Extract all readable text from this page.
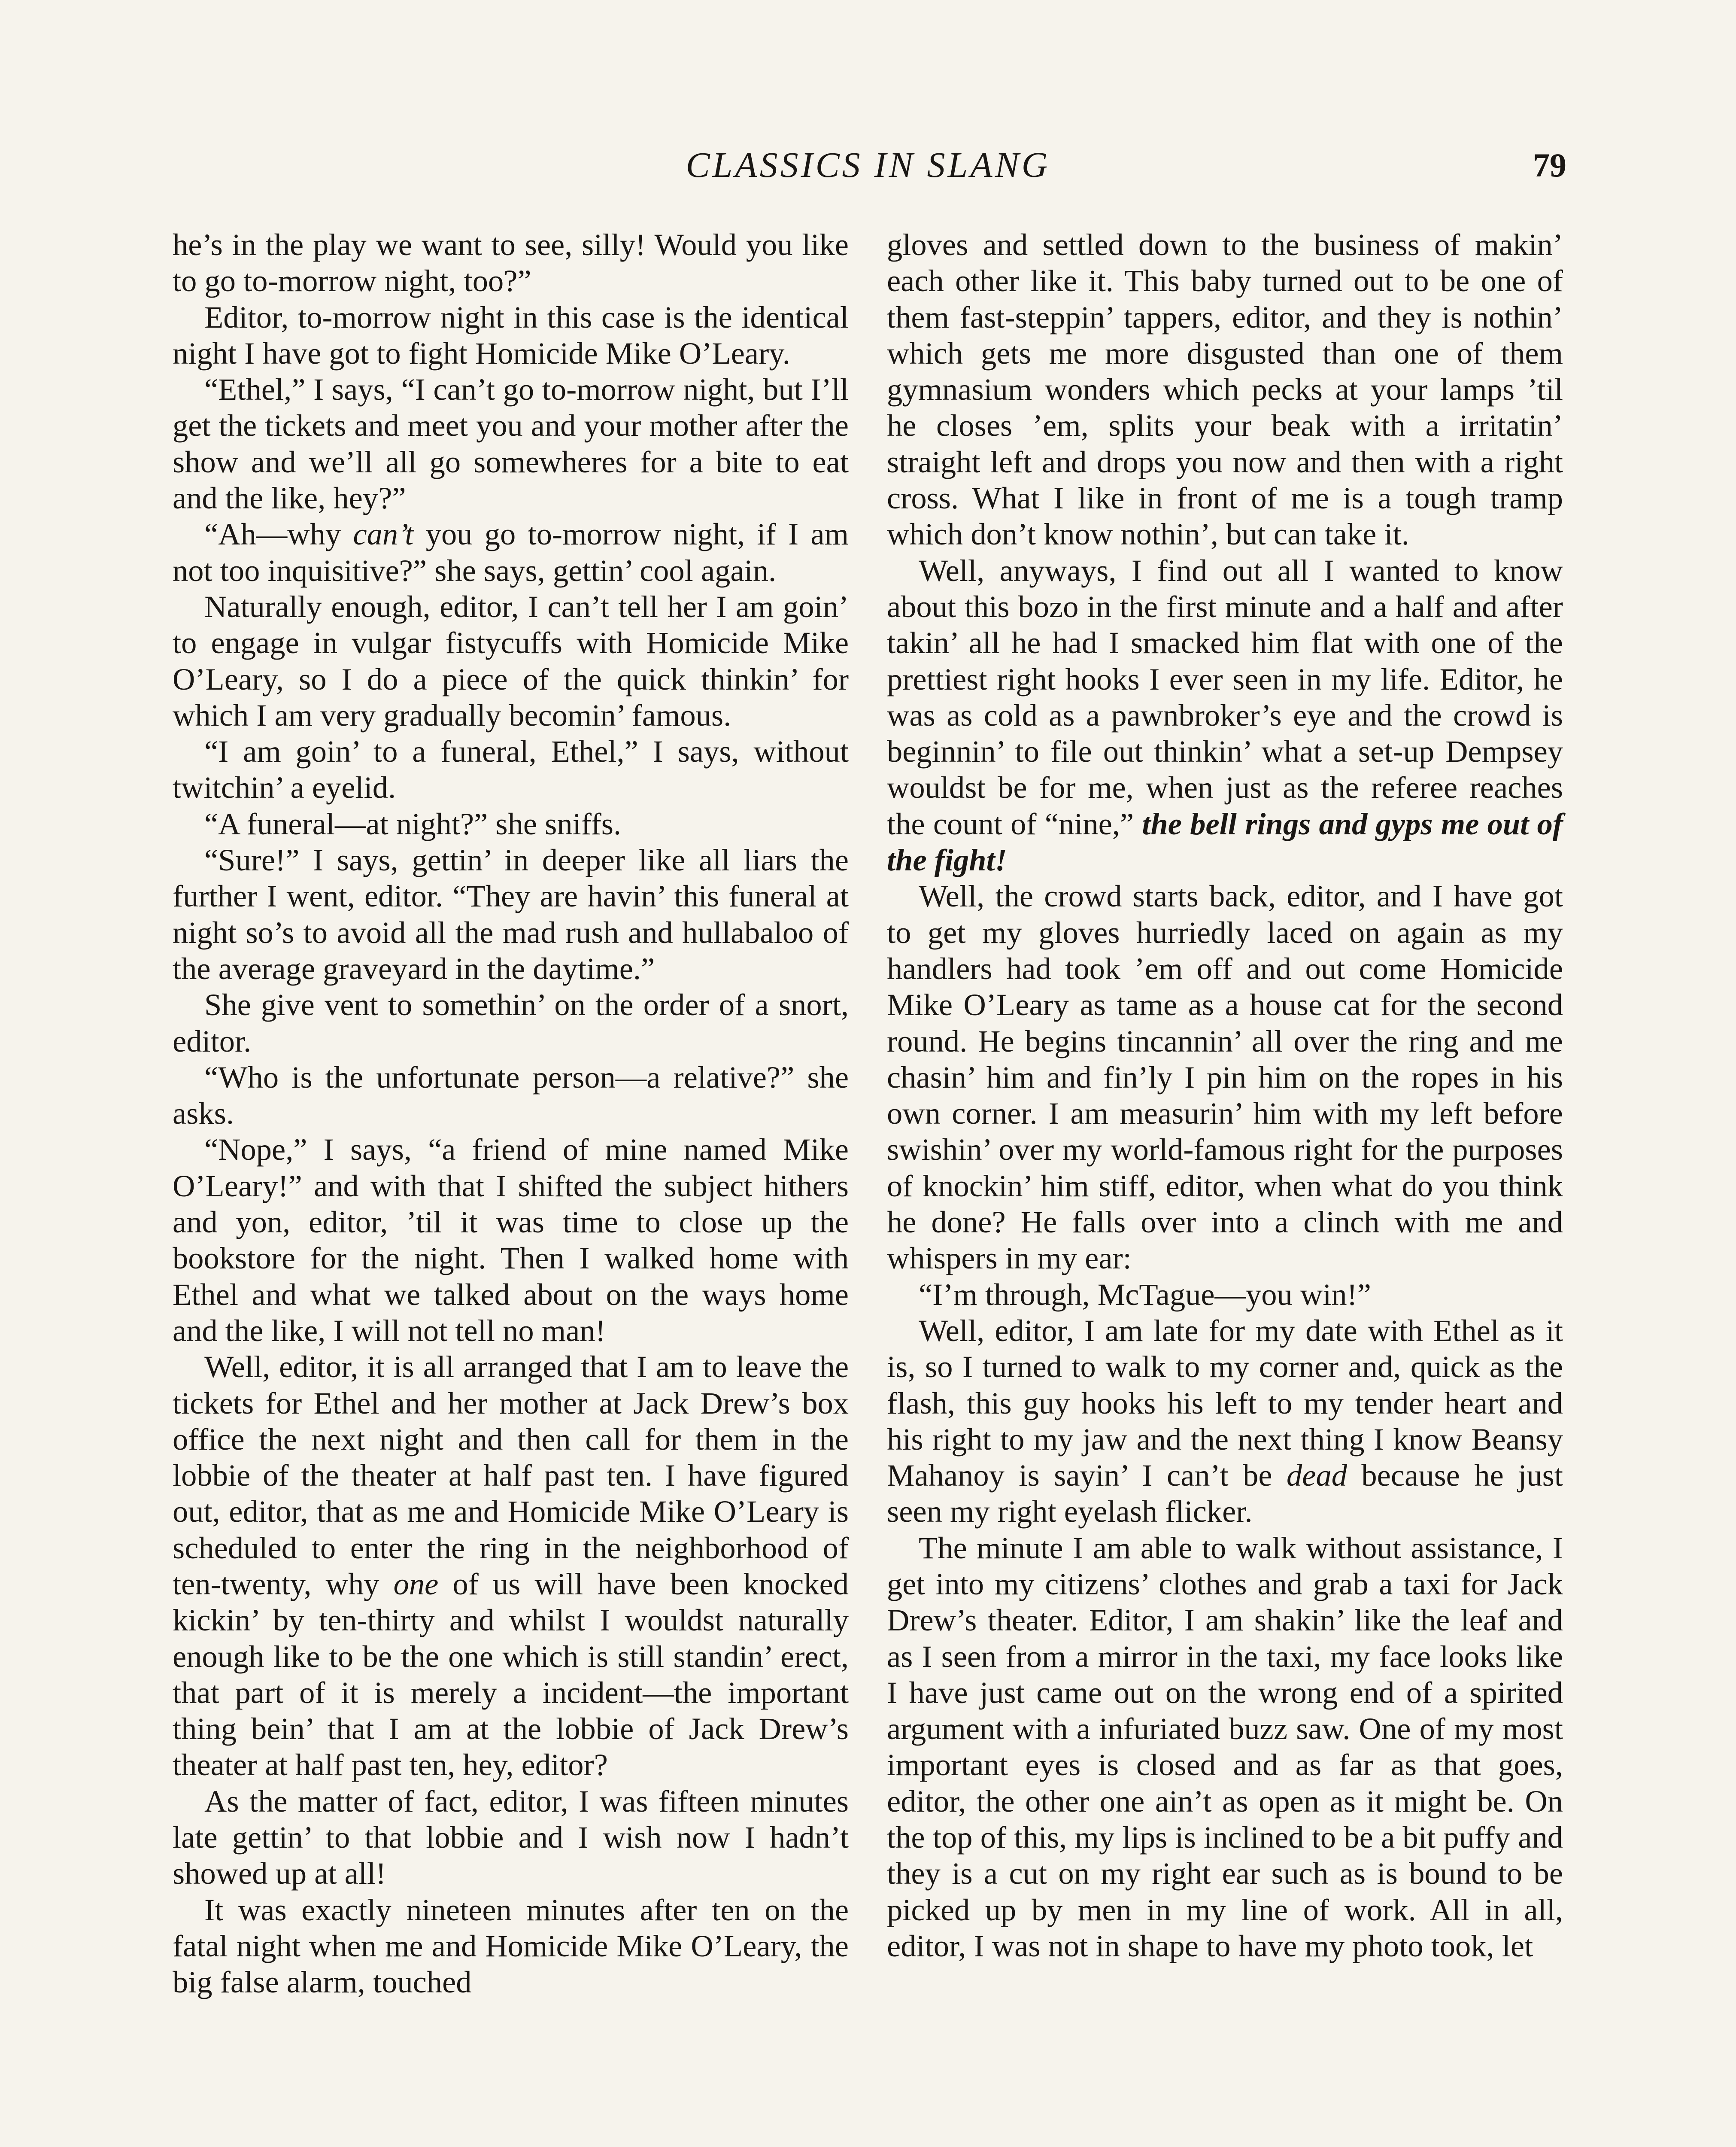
CLASSICS IN SLANG	79

he’s in the play we want to see, silly! Would you like to go to-morrow night, too?”

Editor, to-morrow night in this case is the identical night I have got to fight Homicide Mike O’Leary.

“Ethel,” I says, “I can’t go to-morrow night, but I’ll get the tickets and meet you and your mother after the show and we’ll all go somewheres for a bite to eat and the like, hey?”

“Ah—why can’t you go to-morrow night, if I am not too inquisitive?” she says, gettin’ cool again.

Naturally enough, editor, I can’t tell her I am goin’ to engage in vulgar fistycuffs with Homicide Mike O’Leary, so I do a piece of the quick thinkin’ for which I am very gradually becomin’ famous.

“I am goin’ to a funeral, Ethel,” I says, without twitchin’ a eyelid.

“A funeral—at night?” she sniffs.

“Sure!” I says, gettin’ in deeper like all liars the further I went, editor. “They are havin’ this funeral at night so’s to avoid all the mad rush and hullabaloo of the average graveyard in the daytime.”

She give vent to somethin’ on the order of a snort, editor.

“Who is the unfortunate person—a relative?” she asks.

“Nope,” I says, “a friend of mine named Mike O’Leary!” and with that I shifted the subject hithers and yon, editor, ’til it was time to close up the bookstore for the night. Then I walked home with Ethel and what we talked about on the ways home and the like, I will not tell no man!

Well, editor, it is all arranged that I am to leave the tickets for Ethel and her mother at Jack Drew’s box office the next night and then call for them in the lobbie of the theater at half past ten. I have figured out, editor, that as me and Homicide Mike O’Leary is scheduled to enter the ring in the neighborhood of ten-twenty, why one of us will have been knocked kickin’ by ten-thirty and whilst I wouldst naturally enough like to be the one which is still standin’ erect, that part of it is merely a incident—the important thing bein’ that I am at the lobbie of Jack Drew’s theater at half past ten, hey, editor?

As the matter of fact, editor, I was fifteen minutes late gettin’ to that lobbie and I wish now I hadn’t showed up at all!

It was exactly nineteen minutes after ten on the fatal night when me and Homicide Mike O’Leary, the big false alarm, touched

gloves and settled down to the business of makin’ each other like it. This baby turned out to be one of them fast-steppin’ tappers, editor, and they is nothin’ which gets me more disgusted than one of them gymnasium wonders which pecks at your lamps ’til he closes ’em, splits your beak with a irritatin’ straight left and drops you now and then with a right cross. What I like in front of me is a tough tramp which don’t know nothin’, but can take it.

Well, anyways, I find out all I wanted to know about this bozo in the first minute and a half and after takin’ all he had I smacked him flat with one of the prettiest right hooks I ever seen in my life. Editor, he was as cold as a pawnbroker’s eye and the crowd is beginnin’ to file out thinkin’ what a set-up Dempsey wouldst be for me, when just as the referee reaches the count of “nine,” the bell rings and gyps me out of the fight!

Well, the crowd starts back, editor, and I have got to get my gloves hurriedly laced on again as my handlers had took ’em off and out come Homicide Mike O’Leary as tame as a house cat for the second round. He begins tincannin’ all over the ring and me chasin’ him and fin’ly I pin him on the ropes in his own corner. I am measurin’ him with my left before swishin’ over my world-famous right for the purposes of knockin’ him stiff, editor, when what do you think he done? He falls over into a clinch with me and whispers in my ear:

“I’m through, McTague—you win!”

Well, editor, I am late for my date with Ethel as it is, so I turned to walk to my corner and, quick as the flash, this guy hooks his left to my tender heart and his right to my jaw and the next thing I know Beansy Mahanoy is sayin’ I can’t be dead because he just seen my right eyelash flicker.

The minute I am able to walk without assistance, I get into my citizens’ clothes and grab a taxi for Jack Drew’s theater. Editor, I am shakin’ like the leaf and as I seen from a mirror in the taxi, my face looks like I have just came out on the wrong end of a spirited argument with a infuriated buzz saw. One of my most important eyes is closed and as far as that goes, editor, the other one ain’t as open as it might be. On the top of this, my lips is inclined to be a bit puffy and they is a cut on my right ear such as is bound to be picked up by men in my line of work. All in all, editor, I was not in shape to have my photo took, let
